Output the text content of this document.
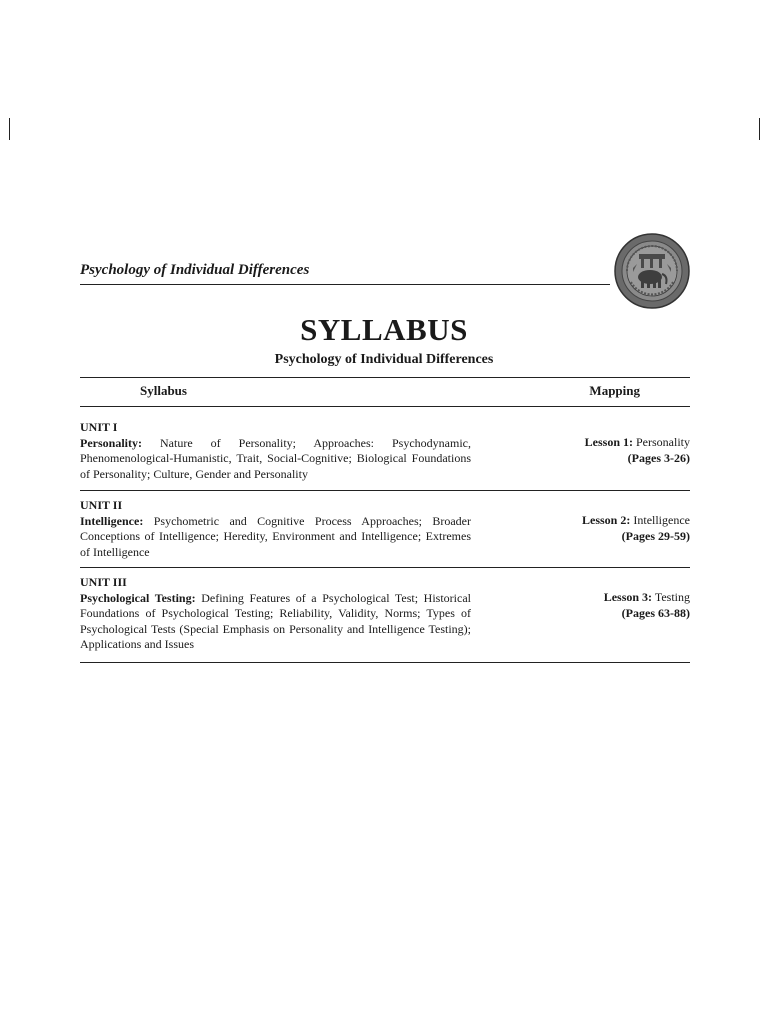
Psychology of Individual Differences
SYLLABUS
Psychology of Individual Differences
Syllabus	Mapping
UNIT I
Personality: Nature of Personality; Approaches: Psychodynamic, Phenomenological-Humanistic, Trait, Social-Cognitive; Biological Foundations of Personality; Culture, Gender and Personality
Lesson 1: Personality
(Pages 3-26)
UNIT II
Intelligence: Psychometric and Cognitive Process Approaches; Broader Conceptions of Intelligence; Heredity, Environment and Intelligence; Extremes of Intelligence
Lesson 2: Intelligence
(Pages 29-59)
UNIT III
Psychological Testing: Defining Features of a Psychological Test; Historical Foundations of Psychological Testing; Reliability, Validity, Norms; Types of Psychological Tests (Special Emphasis on Personality and Intelligence Testing); Applications and Issues
Lesson 3: Testing
(Pages 63-88)
